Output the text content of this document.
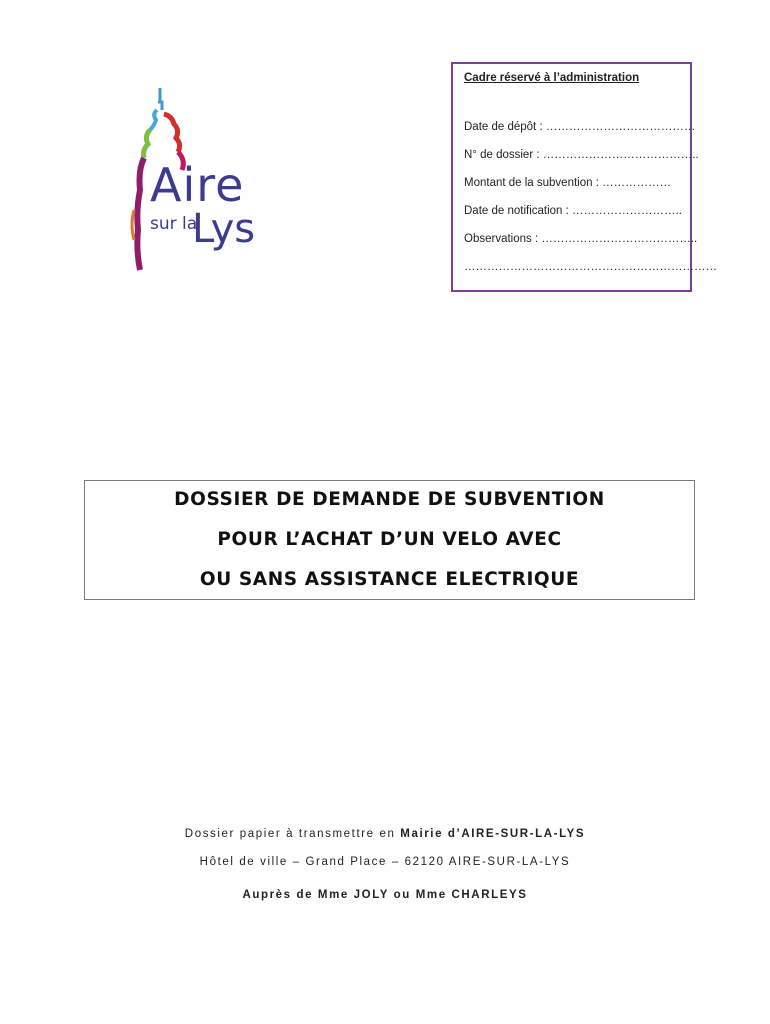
Aire
sur la
Lys
Cadre réservé à l’administration
Date de dépôt : …………………………………
N° de dossier : …………………………………..
Montant de la subvention : ………………
Date de notification : ………………………..
Observations : …………………………………..
…………………………………………………………
DOSSIER DE DEMANDE DE SUBVENTION
POUR L’ACHAT D’UN VELO AVEC
OU SANS ASSISTANCE ELECTRIQUE
Dossier papier à transmettre en Mairie d’AIRE-SUR-LA-LYS
Hôtel de ville – Grand Place – 62120 AIRE-SUR-LA-LYS
Auprès de Mme JOLY ou Mme CHARLEYS
